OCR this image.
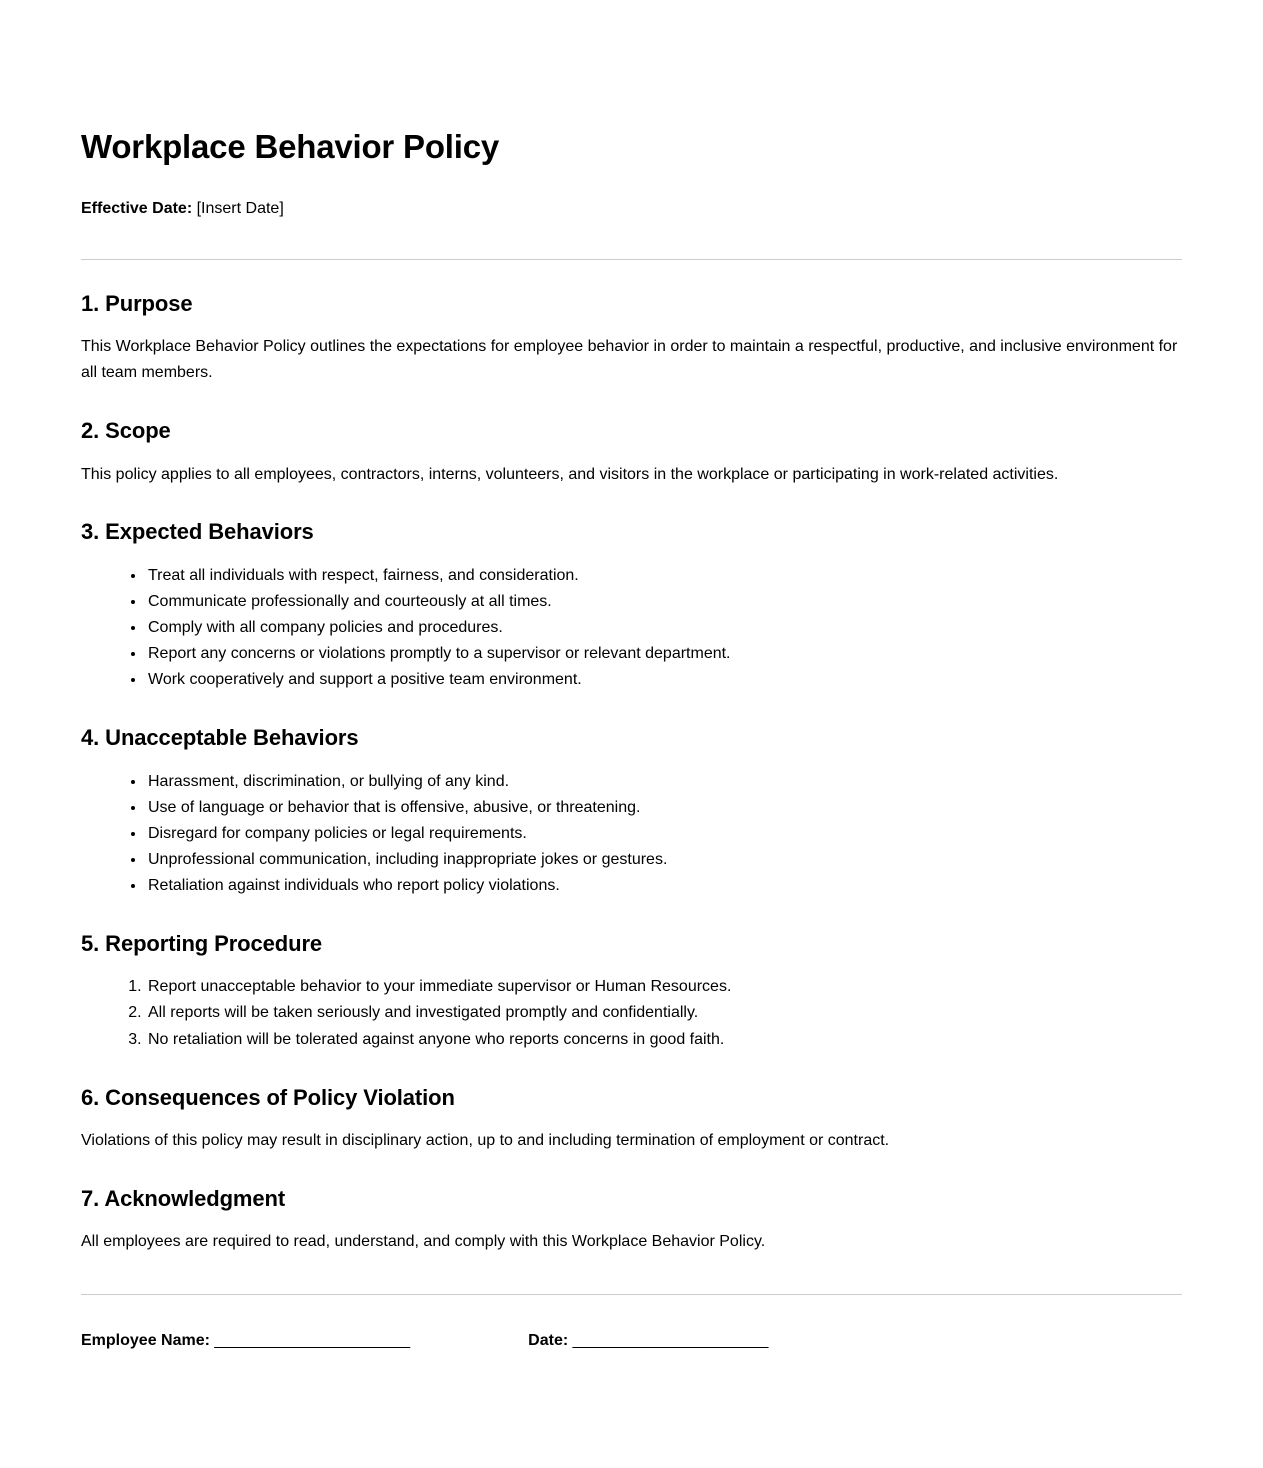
Workplace Behavior Policy

Effective Date: [Insert Date]

1. Purpose

This Workplace Behavior Policy outlines the expectations for employee behavior in order to maintain a respectful, productive, and inclusive environment for all team members.

2. Scope

This policy applies to all employees, contractors, interns, volunteers, and visitors in the workplace or participating in work-related activities.

3. Expected Behaviors
• Treat all individuals with respect, fairness, and consideration.
• Communicate professionally and courteously at all times.
• Comply with all company policies and procedures.
• Report any concerns or violations promptly to a supervisor or relevant department.
• Work cooperatively and support a positive team environment.
4. Unacceptable Behaviors
• Harassment, discrimination, or bullying of any kind.
• Use of language or behavior that is offensive, abusive, or threatening.
• Disregard for company policies or legal requirements.
• Unprofessional communication, including inappropriate jokes or gestures.
• Retaliation against individuals who report policy violations.
5. Reporting Procedure
1. Report unacceptable behavior to your immediate supervisor or Human Resources.
2. All reports will be taken seriously and investigated promptly and confidentially.
3. No retaliation will be tolerated against anyone who reports concerns in good faith.
6. Consequences of Policy Violation

Violations of this policy may result in disciplinary action, up to and including termination of employment or contract.

7. Acknowledgment

All employees are required to read, understand, and comply with this Workplace Behavior Policy.

Employee Name: ______________________	Date: ______________________
